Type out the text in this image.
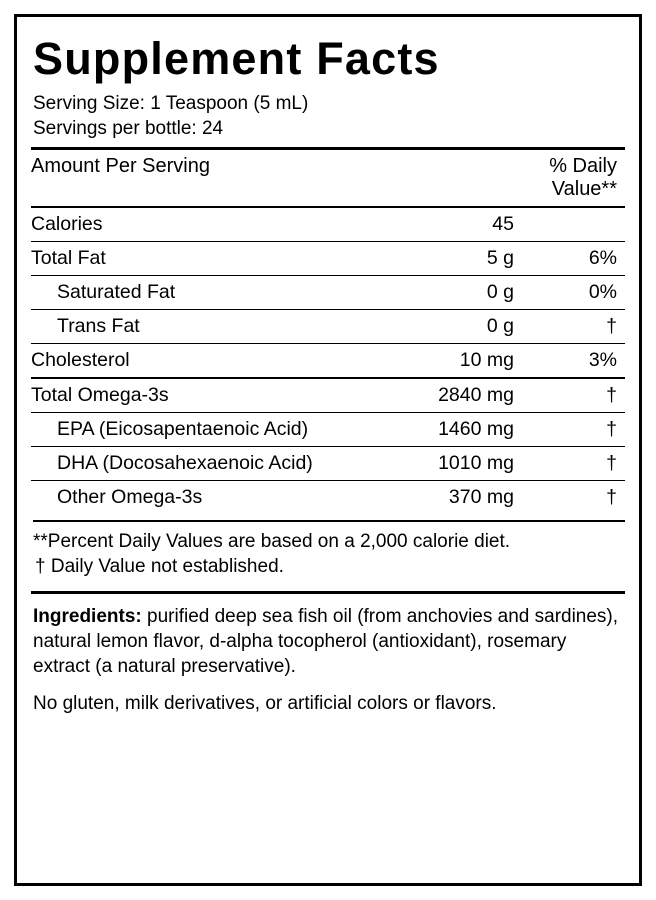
Supplement Facts
Serving Size: 1 Teaspoon (5 mL)
Servings per bottle: 24
Amount Per Serving		% Daily Value**
Calories	45	
Total Fat	5 g	6%
Saturated Fat	0 g	0%
Trans Fat	0 g	†
Cholesterol	10 mg	3%
Total Omega-3s	2840 mg	†
EPA (Eicosapentaenoic Acid)	1460 mg	†
DHA (Docosahexaenoic Acid)	1010 mg	†
Other Omega-3s	370 mg	†
**Percent Daily Values are based on a 2,000 calorie diet.
† Daily Value not established.
Ingredients: purified deep sea fish oil (from anchovies and sardines), natural lemon flavor, d-alpha tocopherol (antioxidant), rosemary extract (a natural preservative).
No gluten, milk derivatives, or artificial colors or flavors.
